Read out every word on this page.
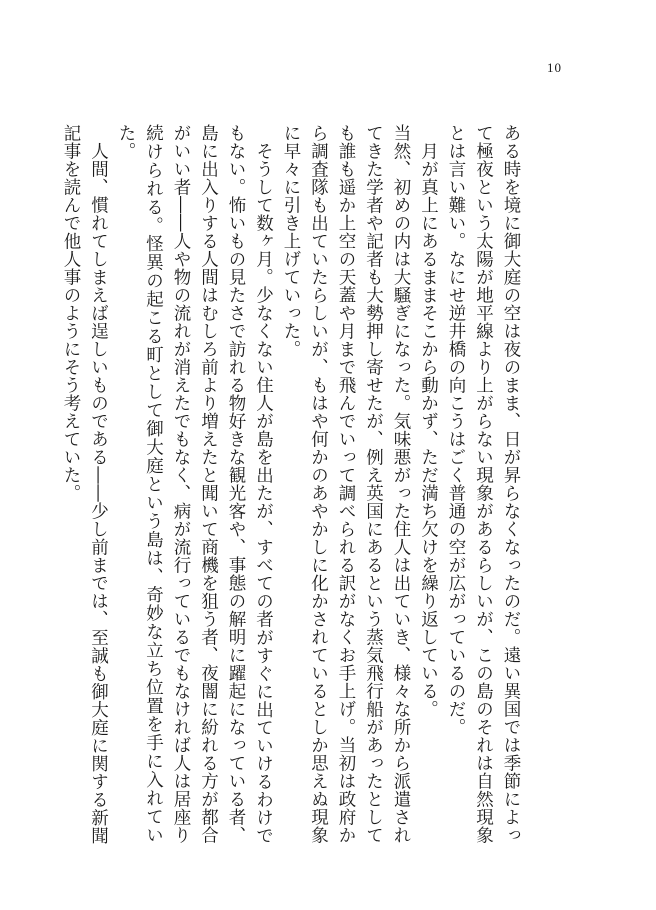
10

ある時を境に御大庭の空は夜のまま、日が昇らなくなったのだ。遠い異国では季節によって極夜という太陽が地平線より上がらない現象があるらしいが、この島のそれは自然現象とは言い難い。なにせ逆井橋の向こうはごく普通の空が広がっているのだ。

月が真上にあるままそこから動かず、ただ満ち欠けを繰り返している。

当然、初めの内は大騒ぎになった。気味悪がった住人は出ていき、様々な所から派遣されてきた学者や記者も大勢押し寄せたが、例え英国にあるという蒸気飛行船があったとしても誰も遥か上空の天蓋や月まで飛んでいって調べられる訳がなくお手上げ。当初は政府から調査隊も出ていたらしいが、もはや何かのあやかしに化かされているとしか思えぬ現象に早々に引き上げていった。

そうして数ヶ月。少なくない住人が島を出たが、すべての者がすぐに出ていけるわけでもない。怖いもの見たさで訪れる物好きな観光客や、事態の解明に躍起になっている者、島に出入りする人間はむしろ前より増えたと聞いて商機を狙う者、夜闇に紛れる方が都合がいい者――人や物の流れが消えたでもなく、病が流行っているでもなければ人は居座り続けられる。怪異の起こる町として御大庭という島は、奇妙な立ち位置を手に入れていた。

人間、慣れてしまえば逞しいものである――少し前までは、至誠も御大庭に関する新聞記事を読んで他人事のようにそう考えていた。
